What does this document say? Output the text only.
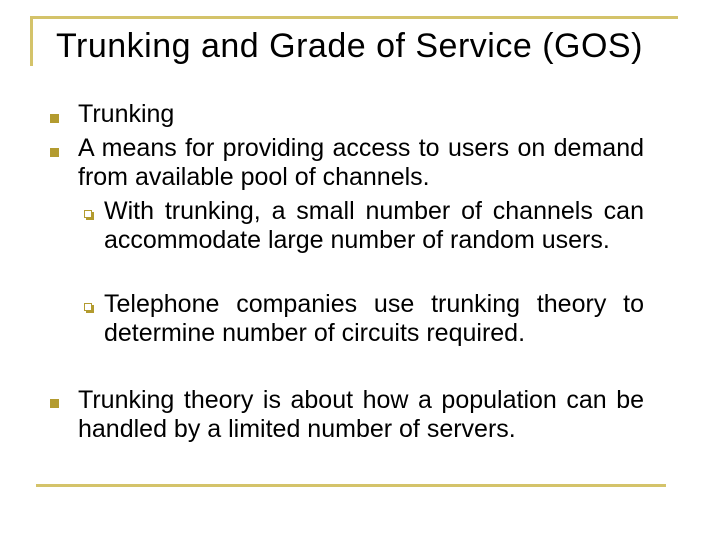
Trunking and Grade of Service (GOS)
Trunking
A means for providing access to users on demand from available pool of channels.
With trunking, a small number of channels can accommodate large number of random users.
Telephone companies use trunking theory to determine number of circuits required.
Trunking theory is about how a population can be handled by a limited number of servers.
